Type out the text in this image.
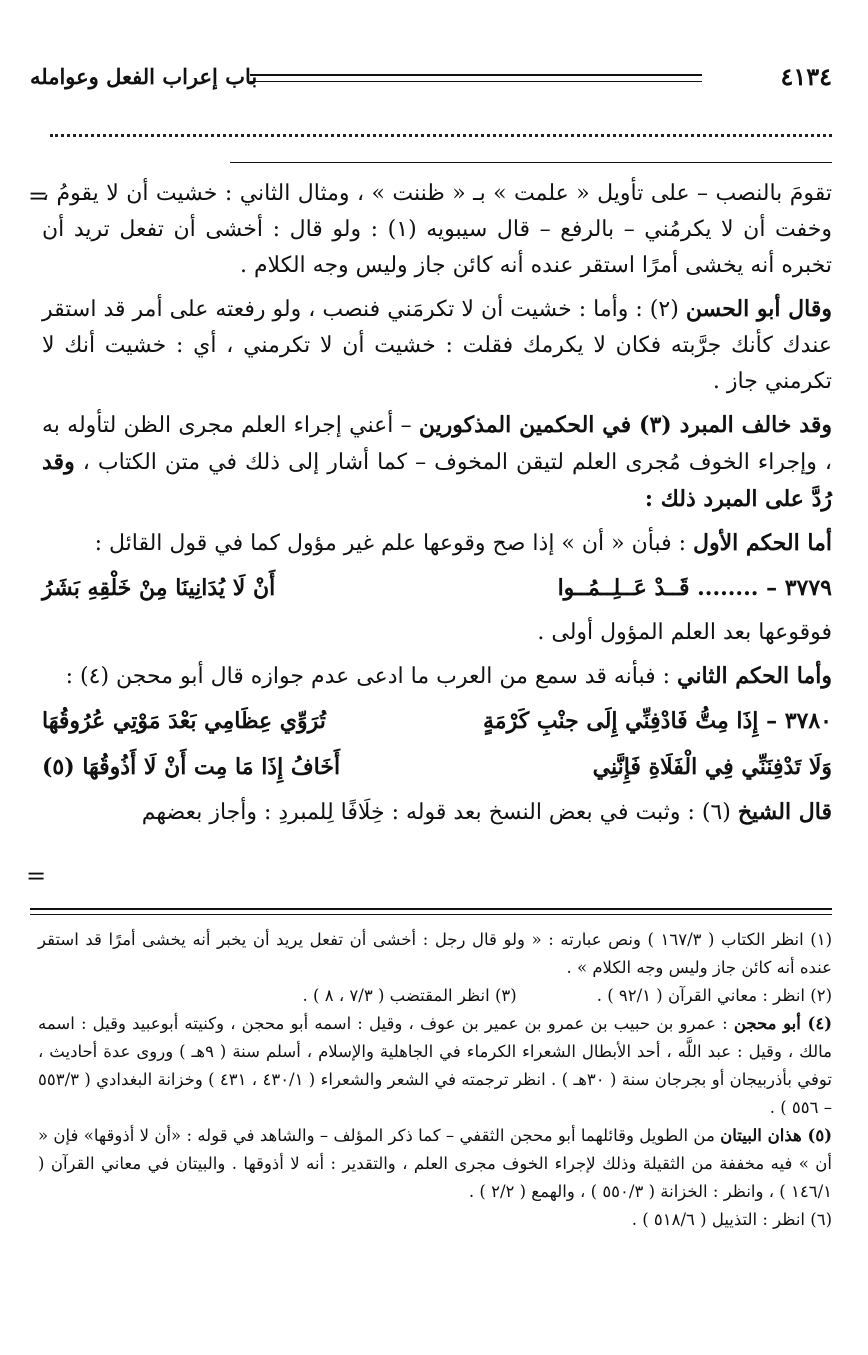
٤١٣٤
باب إعراب الفعل وعوامله
=

تقومَ بالنصب – على تأويل « علمت » بـ « ظننت » ، ومثال الثاني : خشيت أن لا يقومُ ، وخفت أن لا يكرمُني – بالرفع – قال سيبويه (١) : ولو قال : أخشى أن تفعل تريد أن تخبره أنه يخشى أمرًا استقر عنده أنه كائن جاز وليس وجه الكلام .

وقال أبو الحسن (٢) : وأما : خشيت أن لا تكرمَني فنصب ، ولو رفعته على أمر قد استقر عندك كأنك جرَّبته فكان لا يكرمك فقلت : خشيت أن لا تكرمني ، أي : خشيت أنك لا تكرمني جاز .

وقد خالف المبرد (٣) في الحكمين المذكورين – أعني إجراء العلم مجرى الظن لتأوله به ، وإجراء الخوف مُجرى العلم لتيقن المخوف – كما أشار إلى ذلك في متن الكتاب ، وقد رُدَّ على المبرد ذلك :

أما الحكم الأول : فبأن « أن » إذا صح وقوعها علم غير مؤول كما في قول القائل :

٣٧٧٩ – ........ قَــدْ عَــلِــمُــوا
أَنْ لَا يُدَانِينَا مِنْ خَلْقِهِ بَشَرُ

فوقوعها بعد العلم المؤول أولى .

وأما الحكم الثاني : فبأنه قد سمع من العرب ما ادعى عدم جوازه قال أبو محجن (٤) :

٣٧٨٠ – إِذَا مِتُّ فَادْفِنِّي إِلَى جنْبِ كَرْمَةٍ
تُرَوِّي عِظَامِي بَعْدَ مَوْتِي عُرُوقُهَا
وَلَا تَدْفِنَنِّي فِي الْفَلَاةِ فَإِنَّنِي
أَخَافُ إِذَا مَا مِت أَنْ لَا أَذُوقُهَا (٥)

قال الشيخ (٦) : وثبت في بعض النسخ بعد قوله : خِلَافًا لِلمبردِ : وأجاز بعضهم

=

(١) انظر الكتاب ( ١٦٧/٣ ) ونص عبارته : « ولو قال رجل : أخشى أن تفعل يريد أن يخبر أنه يخشى أمرًا قد استقر عنده أنه كائن جاز وليس وجه الكلام » .

(٢) انظر : معاني القرآن ( ٩٢/١ ) .
(٣) انظر المقتضب ( ٧/٣ ، ٨ ) .

(٤) أبو محجن : عمرو بن حبيب بن عمرو بن عمير بن عوف ، وقيل : اسمه أبو محجن ، وكنيته أبوعبيد وقيل : اسمه مالك ، وقيل : عبد اللَّه ، أحد الأبطال الشعراء الكرماء في الجاهلية والإسلام ، أسلم سنة ( ٩هـ ) وروى عدة أحاديث ، توفي بأذربيجان أو بجرجان سنة ( ٣٠هـ ) . انظر ترجمته في الشعر والشعراء ( ٤٣٠/١ ، ٤٣١ ) وخزانة البغدادي ( ٥٥٣/٣ – ٥٥٦ ) .

(٥) هذان البيتان من الطويل وقائلهما أبو محجن الثقفي – كما ذكر المؤلف – والشاهد في قوله : «أن لا أذوقها» فإن « أن » فيه مخففة من الثقيلة وذلك لإجراء الخوف مجرى العلم ، والتقدير : أنه لا أذوقها . والبيتان في معاني القرآن ( ١٤٦/١ ) ، وانظر : الخزانة ( ٥٥٠/٣ ) ، والهمع ( ٢/٢ ) .

(٦) انظر : التذييل ( ٥١٨/٦ ) .
